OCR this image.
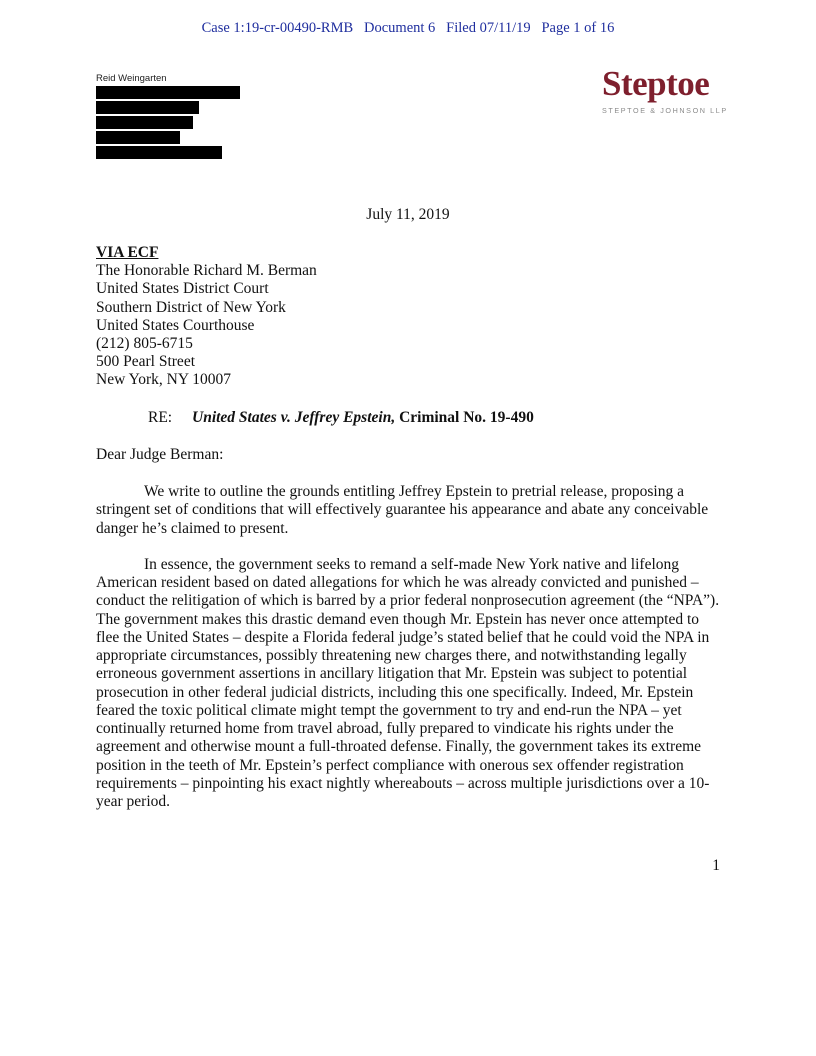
Case 1:19-cr-00490-RMB   Document 6   Filed 07/11/19   Page 1 of 16
Reid Weingarten	Steptoe
STEPTOE & JOHNSON LLP
July 11, 2019
VIA ECF
The Honorable Richard M. Berman
United States District Court
Southern District of New York
United States Courthouse
(212) 805-6715
500 Pearl Street
New York, NY 10007
RE: United States v. Jeffrey Epstein, Criminal No. 19-490
Dear Judge Berman:

We write to outline the grounds entitling Jeffrey Epstein to pretrial release, proposing a stringent set of conditions that will effectively guarantee his appearance and abate any conceivable danger he’s claimed to present.

In essence, the government seeks to remand a self-made New York native and lifelong American resident based on dated allegations for which he was already convicted and punished – conduct the relitigation of which is barred by a prior federal nonprosecution agreement (the “NPA”). The government makes this drastic demand even though Mr. Epstein has never once attempted to flee the United States – despite a Florida federal judge’s stated belief that he could void the NPA in appropriate circumstances, possibly threatening new charges there, and notwithstanding legally erroneous government assertions in ancillary litigation that Mr. Epstein was subject to potential prosecution in other federal judicial districts, including this one specifically. Indeed, Mr. Epstein feared the toxic political climate might tempt the government to try and end-run the NPA – yet continually returned home from travel abroad, fully prepared to vindicate his rights under the agreement and otherwise mount a full-throated defense. Finally, the government takes its extreme position in the teeth of Mr. Epstein’s perfect compliance with onerous sex offender registration requirements – pinpointing his exact nightly whereabouts – across multiple jurisdictions over a 10-year period.

1
